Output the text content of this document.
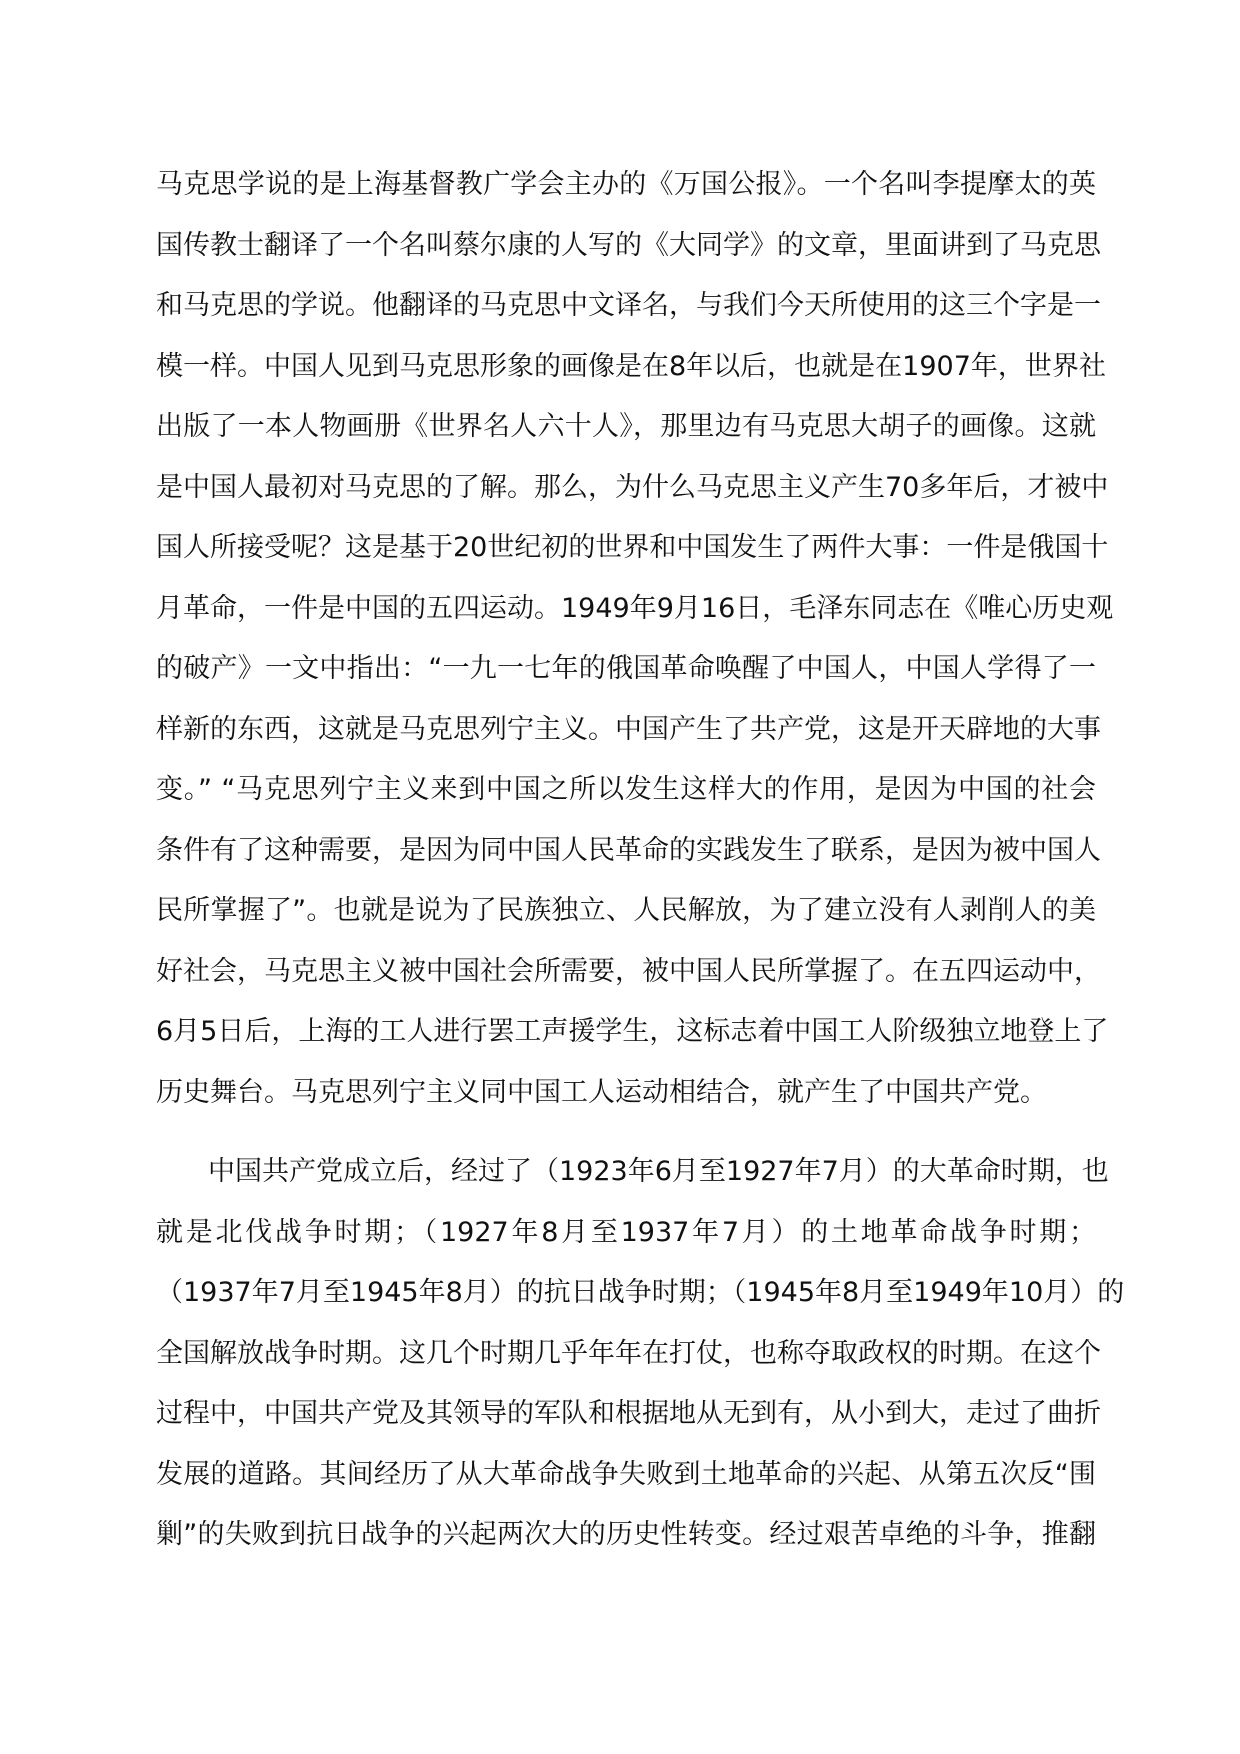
马克思学说的是上海基督教广学会主办的《万国公报》。一个名叫李提摩太的英
国传教士翻译了一个名叫蔡尔康的人写的《大同学》的文章，里面讲到了马克思
和马克思的学说。他翻译的马克思中文译名，与我们今天所使用的这三个字是一
模一样。中国人见到马克思形象的画像是在8年以后，也就是在1907年，世界社
出版了一本人物画册《世界名人六十人》，那里边有马克思大胡子的画像。这就
是中国人最初对马克思的了解。那么，为什么马克思主义产生70多年后，才被中
国人所接受呢？这是基于20世纪初的世界和中国发生了两件大事：一件是俄国十
月革命，一件是中国的五四运动。1949年9月16日，毛泽东同志在《唯心历史观
的破产》一文中指出：“一九一七年的俄国革命唤醒了中国人，中国人学得了一
样新的东西，这就是马克思列宁主义。中国产生了共产党，这是开天辟地的大事
变。” “马克思列宁主义来到中国之所以发生这样大的作用，是因为中国的社会
条件有了这种需要，是因为同中国人民革命的实践发生了联系，是因为被中国人
民所掌握了”。也就是说为了民族独立、人民解放，为了建立没有人剥削人的美
好社会，马克思主义被中国社会所需要，被中国人民所掌握了。在五四运动中，
6月5日后，上海的工人进行罢工声援学生，这标志着中国工人阶级独立地登上了
历史舞台。马克思列宁主义同中国工人运动相结合，就产生了中国共产党。
中国共产党成立后，经过了（1923年6月至1927年7月）的大革命时期，也
就是北伐战争时期；（1927年8月至1937年7月）的土地革命战争时期；
（1937年7月至1945年8月）的抗日战争时期；（1945年8月至1949年10月）的
全国解放战争时期。这几个时期几乎年年在打仗，也称夺取政权的时期。在这个
过程中，中国共产党及其领导的军队和根据地从无到有，从小到大，走过了曲折
发展的道路。其间经历了从大革命战争失败到土地革命的兴起、从第五次反“围
剿”的失败到抗日战争的兴起两次大的历史性转变。经过艰苦卓绝的斗争，推翻
